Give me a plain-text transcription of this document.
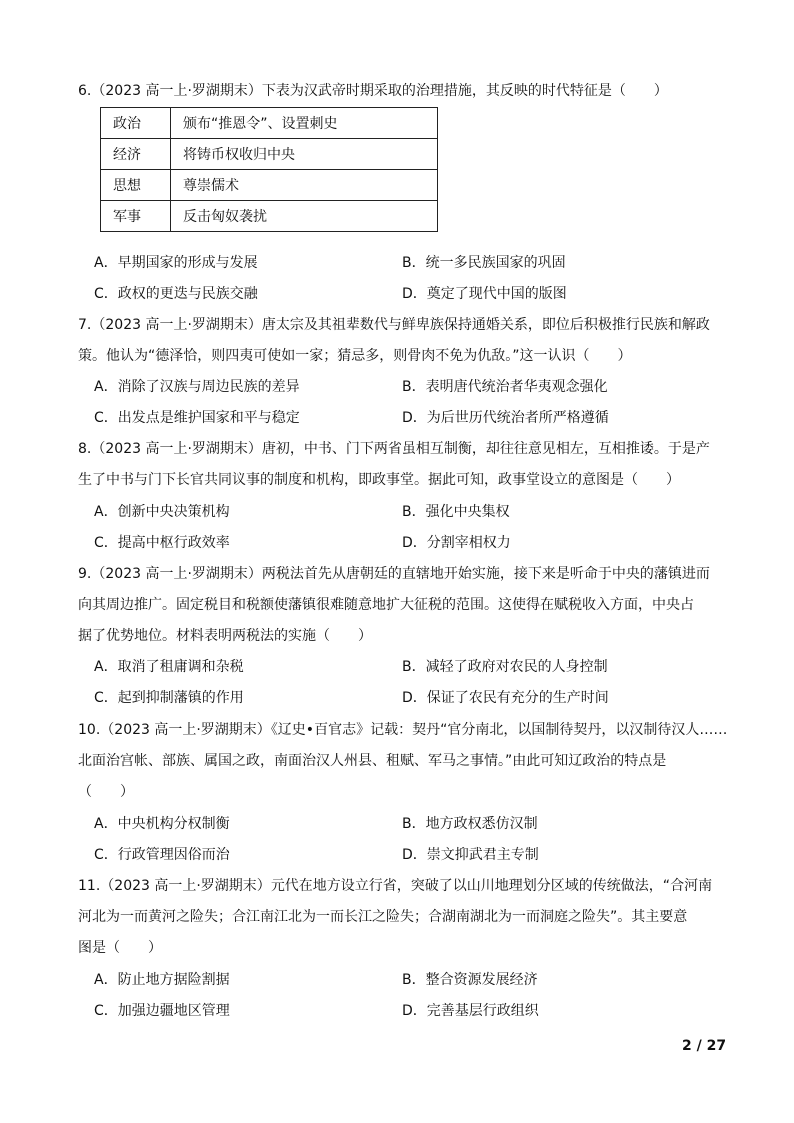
6.（2023 高一上·罗湖期末）下表为汉武帝时期采取的治理措施，其反映的时代特征是（　　）
政治	颁布“推恩令”、设置刺史
经济	将铸币权收归中央
思想	尊崇儒术
军事	反击匈奴袭扰
A．早期国家的形成与发展	B．统一多民族国家的巩固
C．政权的更迭与民族交融	D．奠定了现代中国的版图
7.（2023 高一上·罗湖期末）唐太宗及其祖辈数代与鲜卑族保持通婚关系，即位后积极推行民族和解政
策。他认为“德泽恰，则四夷可使如一家；猜忌多，则骨肉不免为仇敌。”这一认识（　　）
A．消除了汉族与周边民族的差异	B．表明唐代统治者华夷观念强化
C．出发点是维护国家和平与稳定	D．为后世历代统治者所严格遵循
8.（2023 高一上·罗湖期末）唐初，中书、门下两省虽相互制衡，却往往意见相左，互相推诿。于是产
生了中书与门下长官共同议事的制度和机构，即政事堂。据此可知，政事堂设立的意图是（　　）
A．创新中央决策机构	B．强化中央集权
C．提高中枢行政效率	D．分割宰相权力
9.（2023 高一上·罗湖期末）两税法首先从唐朝廷的直辖地开始实施，接下来是听命于中央的藩镇进而
向其周边推广。固定税目和税额使藩镇很难随意地扩大征税的范围。这使得在赋税收入方面，中央占
据了优势地位。材料表明两税法的实施（　　）
A．取消了租庸调和杂税	B．减轻了政府对农民的人身控制
C．起到抑制藩镇的作用	D．保证了农民有充分的生产时间
10.（2023 高一上·罗湖期末）《辽史•百官志》记载：契丹“官分南北，以国制待契丹，以汉制待汉人……
北面治宫帐、部族、属国之政，南面治汉人州县、租赋、军马之事情。”由此可知辽政治的特点是
（　　）
A．中央机构分权制衡	B．地方政权悉仿汉制
C．行政管理因俗而治	D．崇文抑武君主专制
11.（2023 高一上·罗湖期末）元代在地方设立行省，突破了以山川地理划分区域的传统做法，“合河南
河北为一而黄河之险失；合江南江北为一而长江之险失；合湖南湖北为一而洞庭之险失”。其主要意
图是（　　）
A．防止地方据险割据	B．整合资源发展经济
C．加强边疆地区管理	D．完善基层行政组织
2 / 27
